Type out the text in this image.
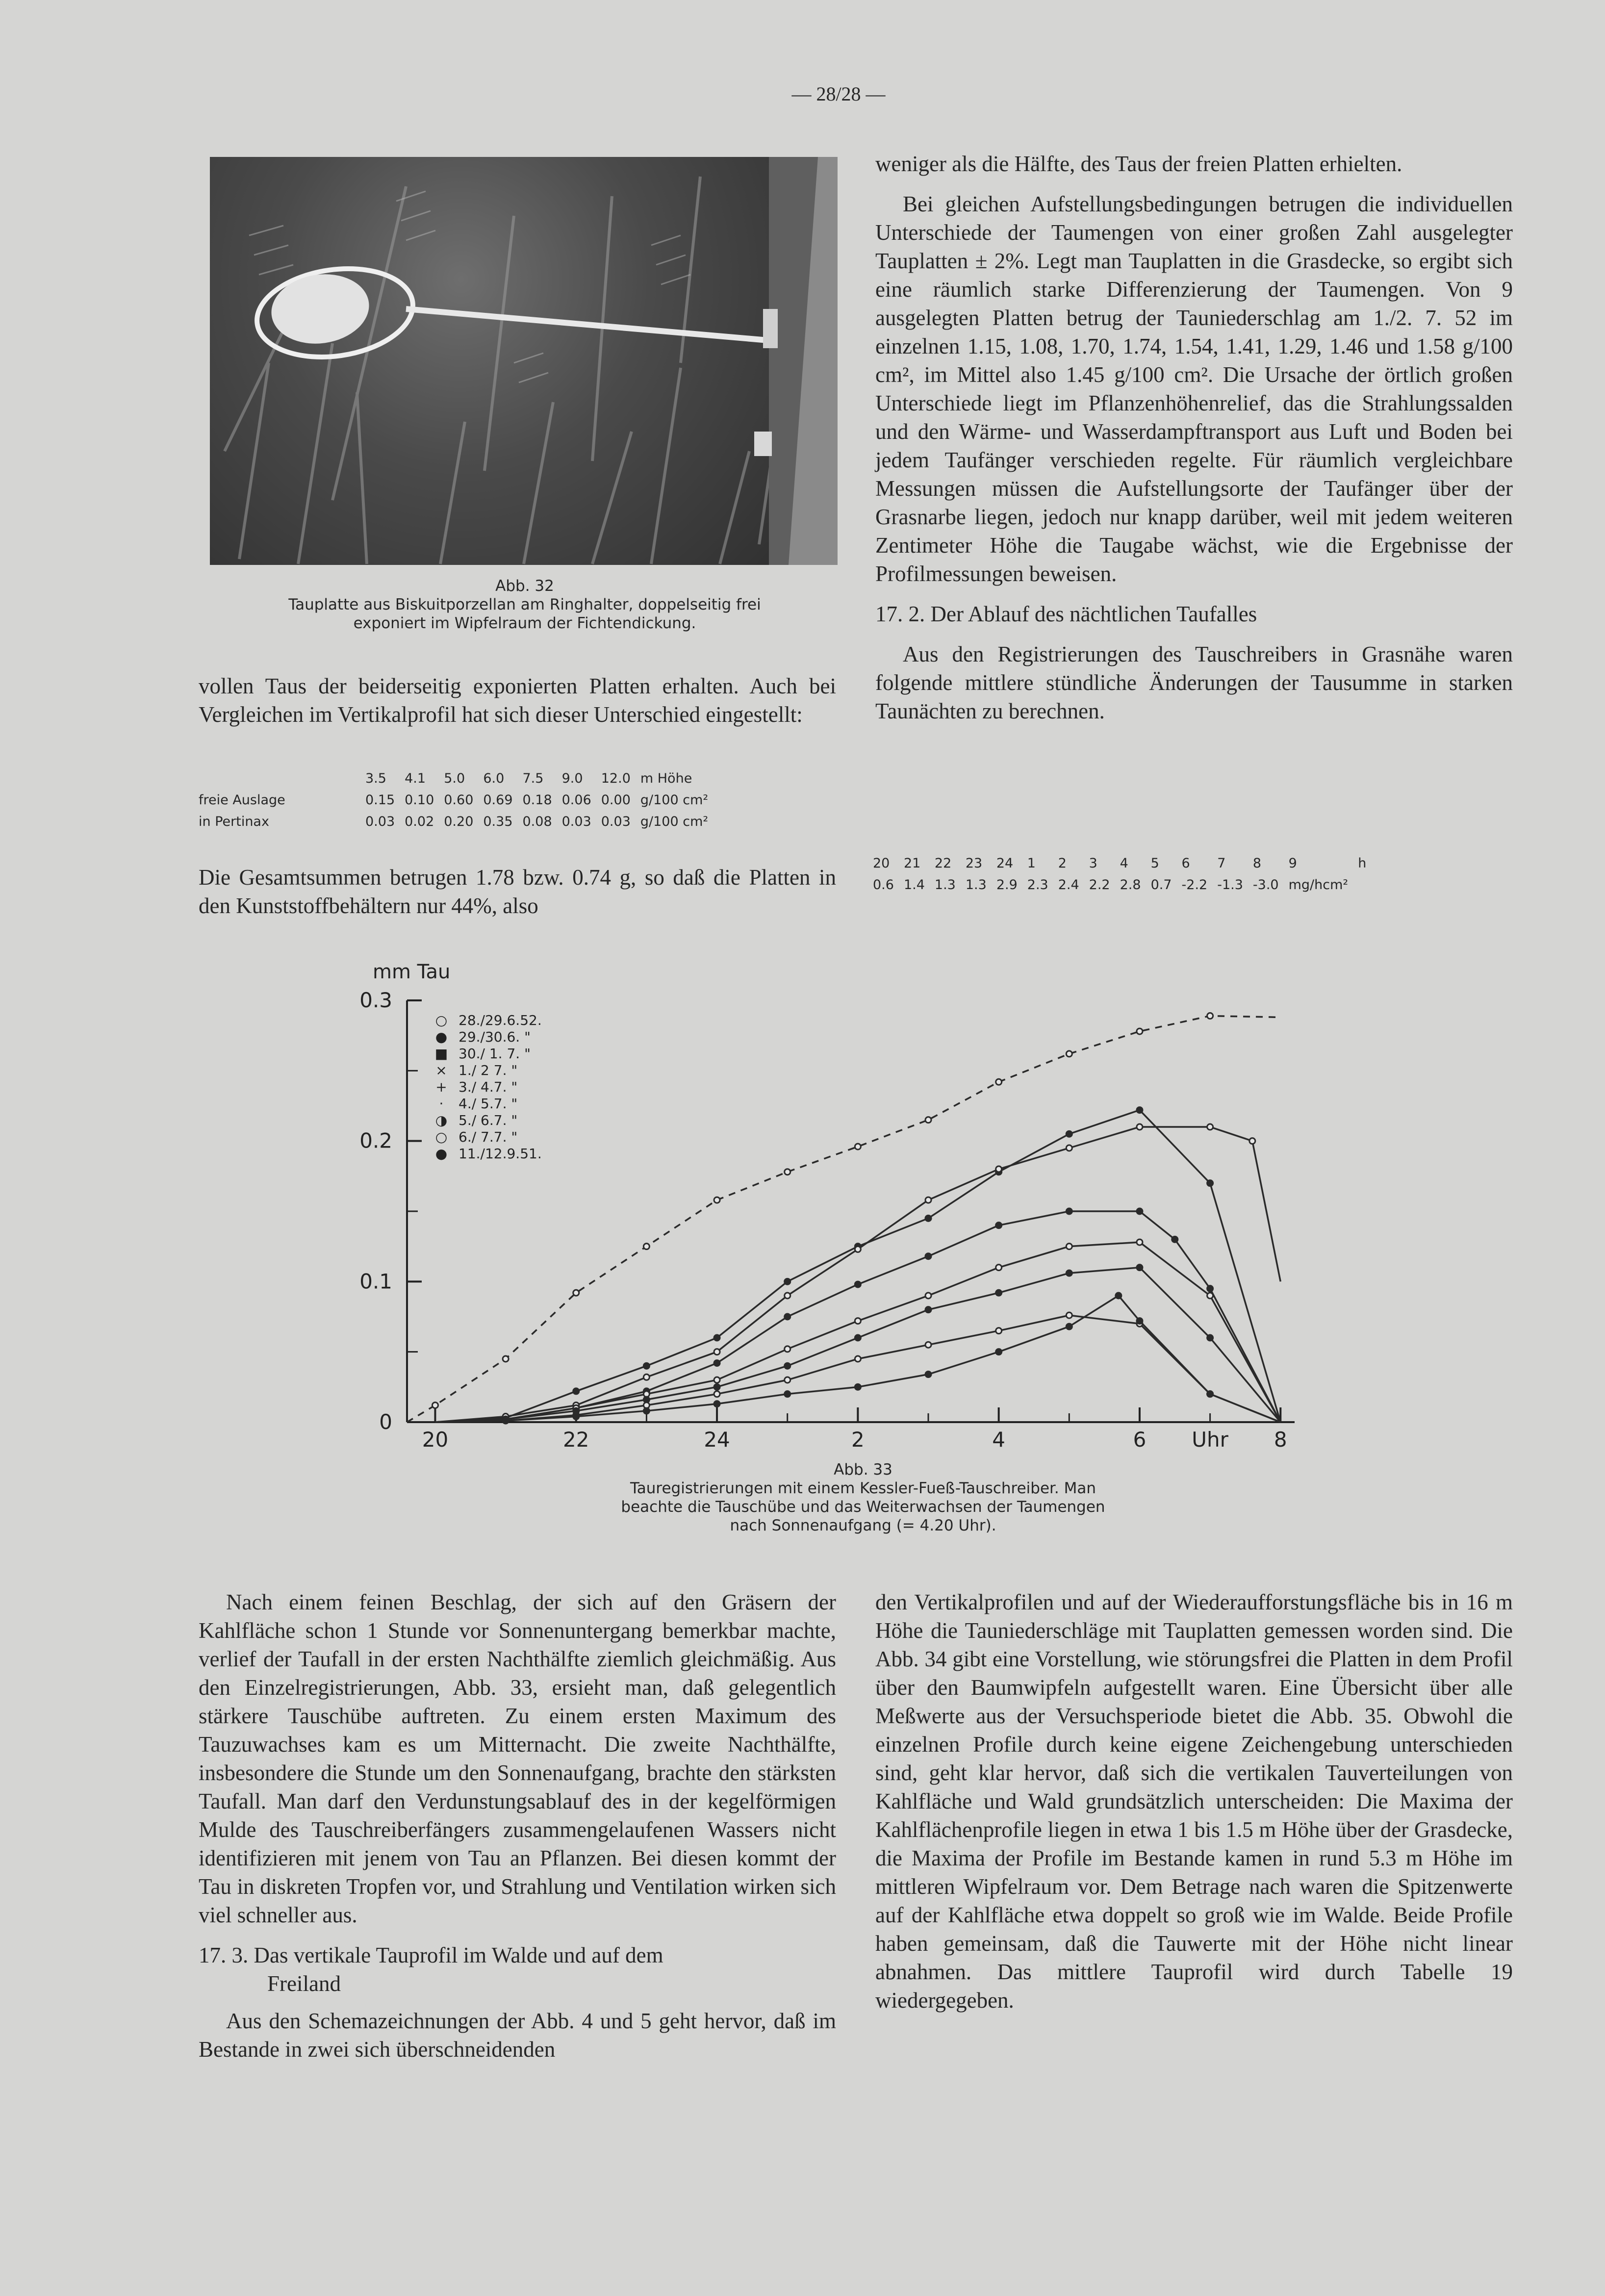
— 28/28 —
Abb. 32
Tauplatte aus Biskuitporzellan am Ringhalter, doppelseitig frei
exponiert im Wipfelraum der Fichtendickung.

vollen Taus der beiderseitig exponierten Platten erhalten. Auch bei Vergleichen im Vertikalprofil hat sich dieser Unterschied eingestellt:

	3.5	4.1	5.0	6.0	7.5	9.0	12.0	m Höhe
freie Auslage	0.15	0.10	0.60	0.69	0.18	0.06	0.00	g/100 cm²
in Pertinax	0.03	0.02	0.20	0.35	0.08	0.03	0.03	g/100 cm²

Die Gesamtsummen betrugen 1.78 bzw. 0.74 g, so daß die Platten in den Kunststoffbehältern nur 44%, also

weniger als die Hälfte, des Taus der freien Platten erhielten.

Bei gleichen Aufstellungsbedingungen betrugen die individuellen Unterschiede der Taumengen von einer großen Zahl ausgelegter Tauplatten ± 2%. Legt man Tauplatten in die Grasdecke, so ergibt sich eine räumlich starke Differenzierung der Taumengen. Von 9 ausgelegten Platten betrug der Tauniederschlag am 1./2. 7. 52 im einzelnen 1.15, 1.08, 1.70, 1.74, 1.54, 1.41, 1.29, 1.46 und 1.58 g/100 cm², im Mittel also 1.45 g/100 cm². Die Ursache der örtlich großen Unterschiede liegt im Pflanzenhöhenrelief, das die Strahlungssalden und den Wärme- und Wasserdampftransport aus Luft und Boden bei jedem Taufänger verschieden regelte. Für räumlich vergleichbare Messungen müssen die Aufstellungsorte der Taufänger über der Grasnarbe liegen, jedoch nur knapp darüber, weil mit jedem weiteren Zentimeter Höhe die Taugabe wächst, wie die Ergebnisse der Profilmessungen beweisen.

17. 2. Der Ablauf des nächtlichen Taufalles

Aus den Registrierungen des Tauschreibers in Grasnähe waren folgende mittlere stündliche Änderungen der Tausumme in starken Taunächten zu berechnen.

20	21	22	23	24	1	2	3	4	5	6	7	8	9	h
0.6	1.4	1.3	1.3	2.9	2.3	2.4	2.2	2.8	0.7	-2.2	-1.3	-3.0	mg/hcm²	
0
0.1
0.2
0.3
mm Tau
20	22	24	2	4	6	8
Uhr
○ 28./29.6.52.
● 29./30.6. "
■ 30./ 1. 7. "
× 1./ 2 7. "
+ 3./ 4.7. "
· 4./ 5.7. "
◑ 5./ 6.7. "
○ 6./ 7.7. "
● 11./12.9.51.
Abb. 33
Tauregistrierungen mit einem Kessler-Fueß-Tauschreiber. Man
beachte die Tauschübe und das Weiterwachsen der Taumengen
nach Sonnenaufgang (= 4.20 Uhr).

Nach einem feinen Beschlag, der sich auf den Gräsern der Kahlfläche schon 1 Stunde vor Sonnenuntergang bemerkbar machte, verlief der Taufall in der ersten Nachthälfte ziemlich gleichmäßig. Aus den Einzelregistrierungen, Abb. 33, ersieht man, daß gelegentlich stärkere Tauschübe auftreten. Zu einem ersten Maximum des Tauzuwachses kam es um Mitternacht. Die zweite Nachthälfte, insbesondere die Stunde um den Sonnenaufgang, brachte den stärksten Taufall. Man darf den Verdunstungsablauf des in der kegelförmigen Mulde des Tauschreiberfängers zusammengelaufenen Wassers nicht identifizieren mit jenem von Tau an Pflanzen. Bei diesen kommt der Tau in diskreten Tropfen vor, und Strahlung und Ventilation wirken sich viel schneller aus.

17. 3. Das vertikale Tauprofil im Walde und auf dem
Freiland

Aus den Schemazeichnungen der Abb. 4 und 5 geht hervor, daß im Bestande in zwei sich überschneidenden

den Vertikalprofilen und auf der Wiederaufforstungsfläche bis in 16 m Höhe die Tauniederschläge mit Tauplatten gemessen worden sind. Die Abb. 34 gibt eine Vorstellung, wie störungsfrei die Platten in dem Profil über den Baumwipfeln aufgestellt waren. Eine Übersicht über alle Meßwerte aus der Versuchsperiode bietet die Abb. 35. Obwohl die einzelnen Profile durch keine eigene Zeichengebung unterschieden sind, geht klar hervor, daß sich die vertikalen Tauverteilungen von Kahlfläche und Wald grundsätzlich unterscheiden: Die Maxima der Kahlflächenprofile liegen in etwa 1 bis 1.5 m Höhe über der Grasdecke, die Maxima der Profile im Bestande kamen in rund 5.3 m Höhe im mittleren Wipfelraum vor. Dem Betrage nach waren die Spitzenwerte auf der Kahlfläche etwa doppelt so groß wie im Walde. Beide Profile haben gemeinsam, daß die Tauwerte mit der Höhe nicht linear abnahmen. Das mittlere Tauprofil wird durch Tabelle 19 wiedergegeben.
